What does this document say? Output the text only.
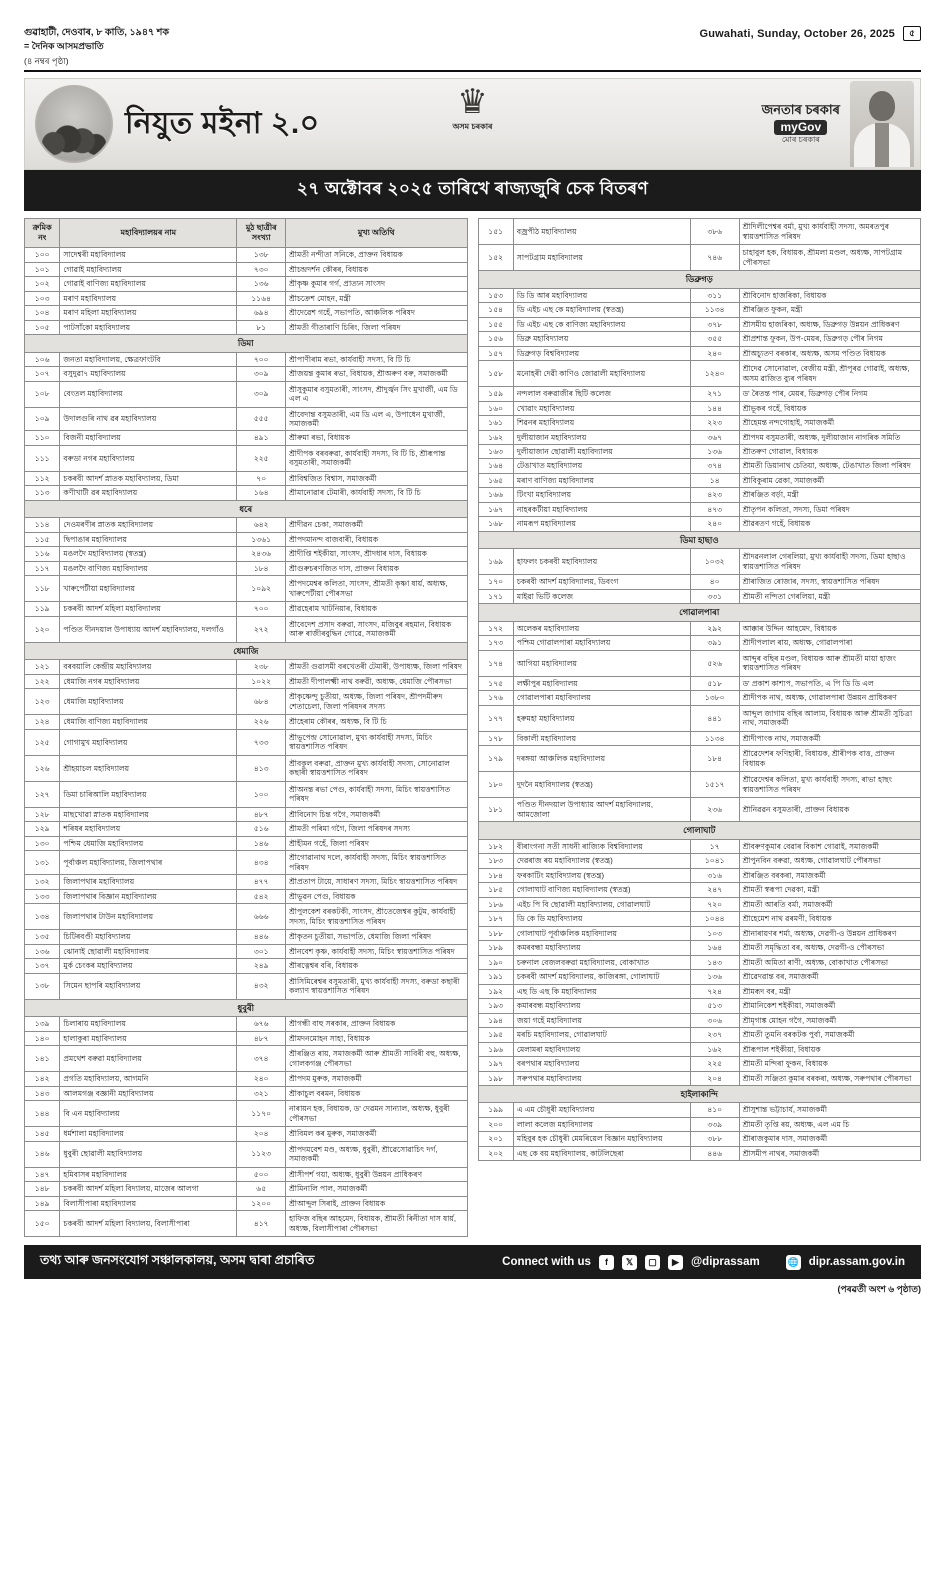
গুৱাহাটী, দেওবাৰ, ৮ কাতি, ১৯৪৭ শক
= দৈনিক আসমপ্ৰভাতি
(৪ নম্বৰ পৃষ্ঠা)
Guwahati, Sunday, October 26, 2025	৫
নিযুত মইনা ২.০
♛
অসম চৰকাৰ
জনতাৰ চৰকাৰ
myGov
মোৰ চৰকাৰ
২৭ অক্টোবৰ ২০২৫ তাৰিখে ৰাজ্যজুৰি চেক বিতৰণ
ক্ৰমিক নং	মহাবিদ্যালয়ৰ নাম	মুঠ ছাত্ৰীৰ সংখ্যা	মুখ্য অতিথি
১০০	সাদেশ্বৰী মহাবিদ্যালয়	১৩৮	শ্ৰীমতী নন্দীতা সনিকে, প্ৰাক্তন বিধায়ক
১০১	গোৱাই মহাবিদ্যালয়	৭৩০	শ্ৰীচন্দ্ৰদৰ্শন কৌৰৰ, বিধায়ক
১০২	গোৱাই বাণিজ্য মহাবিদ্যালয়	১৩৬	শ্ৰীকৃষ্ণ কুমাৰ গৰ্গ, প্ৰাত্যন সাংসদ
১০৩	মৰাণ মহাবিদ্যালয়	১১৬৪	শ্ৰীচক্ৰেশ মোহন, মন্ত্ৰী
১০৪	মৰাণ মহিলা মহাবিদ্যালয়	৬৯৪	শ্ৰীদেৱেশ গহেঁ, সভাপতি, আঞ্চলিক পৰিষদ
১০৫	পাটসাঁকো মহাবিদ্যালয়	৮১	শ্ৰীমতী গীতাৰাণি চিৰিং, জিলা পৰিষদ
ডিমা			
১০৬	জনতা মহাবিদ্যালয়, ক্ষেত্ৰফাংটবি	৭০০	শ্ৰীপাণীৰাম ৰভা, কাৰ্যবাহী সদস্য, বি টি চি
১০৭	বসুদুৱা৭ মহাবিদ্যালয়	৩০৯	শ্ৰীজয়ন্ত কুমাৰ ৰভা, বিধায়ক, শ্ৰীঅৰুণ বৰু, সমাজকৰ্মী
১০৮	বেংতল মহাবিদ্যালয়	৩০৯	শ্ৰীসুকুমাৰ বসুমতাৰী, সাংসদ, শ্ৰীদুৰ্জ্বন সিং মুখাৰ্জী, এম ডি এল এ
১০৯	উদালগুৰি নাথ ৱৰ মহাবিদ্যালয়	৫৫৫	শ্ৰীবেদান্ত বসুমতাৰী, এম ডি এল এ, উপাধেন মুখাৰ্জী, সমাজকৰ্মী
১১০	বিজনী মহাবিদ্যালয়	৪৯১	শ্ৰীৰুমা ৰভা, বিধায়ক
১১১	বৰুডা নগৰ মহাবিদ্যালয়	২২৫	শ্ৰীদীপক বৰবৰুৱা, কাৰ্যবাহী সদস্য, বি টি চি, শ্ৰীৰূপান্ত বসুমতাৰী, সমাজকৰ্মী
১১২	চকৰবী আদৰ্শ স্নাতক মহাবিদ্যালয়, ডিমা	৭০	শ্ৰীবিশ্বজিত বিশ্বাস, সমাজকৰ্মী
১১৩	কণীখাটী ৱৰ মহাবিদ্যালয়	১৬৪	শ্ৰীমানোৱাৰ টেমাৰী, কাৰ্যবাহী সদস্য, বি টি চি
ধৰে			
১১৪	দেওমৰণীৰ স্নাতক মহাবিদ্যালয়	৬৪২	শ্ৰীদীৱন চেকা, সমাজকৰ্মী
১১৫	দ্বিপাঙাৰ মহাবিদ্যালয়	১৩৬১	শ্ৰীপদমানন্দ বাজবাৰী, বিধায়ক
১১৬	মঙলদৈ মহাবিদ্যালয় (স্বতন্ত্ৰ)	২৪৩৬	শ্ৰীদীপ্তি শইকীয়া, সাংসদ, শ্ৰীদধাৰ দাস, বিধায়ক
১১৭	মঙলদৈ বাণিজ্য মহাবিদ্যালয়	১৮৪	শ্ৰীগুৰুচৰণজিত দাস, প্ৰাক্তন বিধায়ক
১১৮	খাৰুপেটীয়া মহাবিদ্যালয়	১০৯২	শ্ৰীপদমেশ্বৰ কলিতা, সাংসদ, শ্ৰীমতী কৃষ্ণা ষাৰ্য়, অধ্যক্ষ, খাৰুপেটীয়া পৌৰসভা
১১৯	চকৰবী আদৰ্শ মহিলা মহাবিদ্যালয়	৭০০	শ্ৰীৱহেৰাম খাটনিয়াৰ, বিধায়ক
১২০	পণ্ডিত দীনদয়াল উপাধ্যায় আদৰ্শ মহাবিদ্যালয়, দলগাঁও	২৭২	শ্ৰীবেদেশ প্ৰসাদ বৰুৱা, সাংসদ, মজিবুৰ ৰহমান, বিধায়ক আৰু ৰাজীৰবুদ্ধিন গোৱে, সমাজকৰ্মী
ধেমাজি			
১২১	বৰবয়ালি কেন্দ্ৰীয় মহাবিদ্যালয়	২৩৮	শ্ৰীমতী গুৱাসমী বৰখেতৰী টেমাৰী, উপাধ্যক্ষ, জিলা পৰিষদ
১২২	ধেমাজি নগৰ মহাবিদ্যালয়	১০২২	শ্ৰীমতী দীপালক্ষ্মী নাথ বৰুৱী, অধ্যক্ষ, ধেমাজি পৌৰসভা
১২৩	ধেমাজি মহাবিদ্যালয়	৬৮৪	শ্ৰীকৃষ্ণেন্দু চুতীয়া, অধ্যক্ষ, জিলা পৰিষদ, শ্ৰীপদমীৰুদ শেতাচেলা, জিলা পৰিষদৰ সদস্য
১২৪	ধেমাজি বাণিজ্য মহাবিদ্যালয়	২২৬	শ্ৰীহেৰাম কৌৰৰ, অধ্যক্ষ, বি টি চি
১২৫	গোগামুখ মহাবিদ্যালয়	৭৩৩	শ্ৰীভূপেন্দ্ৰ সোনোৱাল, মুখ্য কাৰ্যবাহী সদস্য, মিচিং স্বায়ত্তশাসিত পৰিষদ
১২৬	শ্ৰীহয়াচল মহাবিদ্যালয়	৪১৩	শ্ৰীবকুল বৰুৱা, প্ৰাক্তন মুখ্য কাৰ্যবাহী সদস্য, সোনোৱাল কছাৰী স্বায়ত্তশাসিত পৰিষদ
১২৭	ডিমা চাৰিআলি মহাবিদ্যালয়	১০০	শ্ৰীঅনন্ত ৰভা পেগু, কাৰ্যবাহী সদস্য, মিচিং স্বায়ত্তশাসিত পৰিষদ
১২৮	মাছখোৱা স্নাতক মহাবিদ্যালয়	৪৮৭	শ্ৰীবিনোদ চিন্ত গগৈ, সমাজকৰ্মী
১২৯	শৰিষৰ মহাবিদ্যালয়	৫১৬	শ্ৰীমতী পৰিমা গগৈ, জিলা পৰিষদৰ সদস্য
১৩০	পশ্চিম ধেমাজি মহাবিদ্যালয়	১৪৬	শ্ৰীহীমন গহেঁ, জিলা পৰিষদ
১৩১	পূৰ্বাঞ্চল মহাবিদ্যালয়, জিলাপথাৰ	৪৩৪	শ্ৰীগোৱানাথ দলে, কাৰ্যবাহী সদস্য, মিচিং স্বায়ত্তশাসিত পৰিষদ
১৩২	জিলাপথাৰ মহাবিদ্যালয়	৪৭৭	শ্ৰীপ্ৰতাপ টায়ে, সাধাৰণ সদস্য, মিচিং স্বায়ত্তশাসিত পৰিষদ
১৩৩	জিলাপথাৰ বিজ্ঞান মহাবিদ্যালয়	৫৪২	শ্ৰীভূৱন পেগু, বিধায়ক
১৩৪	জিলাপথাৰ টাউন মহাবিদ্যালয়	৬৬৬	শ্ৰীপুলকেশ বৰকটকী, সাংসদ, শ্ৰীতেজেশ্বৰ কুটুম, কাৰ্যবাহী সদস্য, মিচিং স্বায়ত্তশাসিত পৰিষদ
১৩৫	চিটিৰবণ্ডী মহাবিদ্যালয়	৪৪৬	শ্ৰীকৃতন চুতীয়া, সভাপতি, ধেমাজি জিলা পৰিষদ
১৩৬	ঝোনাই ছোৱালী মহাবিদ্যালয়	৩০১	শ্ৰীনবেশ কৃষ্ণ, কাৰ্যবাহী সদস্য, মিচিং স্বায়ত্তশাসিত পৰিষদ
১৩৭	মুৰ্ক চেংকৰ মহাবিদ্যালয়	২৪৯	শ্ৰীৰত্নেশ্বৰ বৰি, বিধায়ক
১৩৮	সিমেন ছাপৰি মহাবিদ্যালয়	৪৩২	শ্ৰীসিমিৰেশ্বৰ বসুমতাৰী, মুখ্য কাৰ্যবাহী সদস্য, বৰুডা কছাৰী কল্যাণ স্বায়ত্তশাসিত পৰিষদ
ধুবুৰী			
১৩৯	চিলাৰায় মহাবিদ্যালয়	৬৭৬	শ্ৰীগন্ধী বাহু সৰকাৰ, প্ৰাক্তন বিধায়ক
১৪০	হালাকুৰা মহাবিদ্যালয়	৪৮৭	শ্ৰীমদনমোহন সাহা, বিধায়ক
১৪১	প্ৰমথেশ বৰুৱা মহাবিদ্যালয়	৩৭৪	শ্ৰীৰঞ্জিত ৰায়, সমাজকৰ্মী আৰু শ্ৰীমতী সাবিৰী বহু, অধ্যক্ষ, গোলকগঞ্জ পৌৰসভা
১৪২	প্ৰগতি মহাবিদ্যালয়, আগমনি	২৪০	শ্ৰীপদম মুৰুক, সমাজকৰ্মী
১৪৩	আলমগঞ্জ বজ্ঞানী মহাবিদ্যালয়	৩২১	শ্ৰীকাচুল বৰমন, বিধায়ক
১৪৪	বি এন মহাবিদ্যালয়	১১৭০	নাৰায়ন হক, বিধায়ক, ড' দেৱমন সান্যাল, অধ্যক্ষ, ধুবুৰী পৌৰসভা
১৪৫	ধৰ্মশালা মহাবিদ্যালয়	২০৪	শ্ৰীবিমল কৰ মুৰুক, সমাজকৰ্মী
১৪৬	ধুবুৰী ছোৱালী মহাবিদ্যালয়	১১২৩	শ্ৰীপদমবেশ মণ্ড, অধ্যক্ষ, ধুবুৰী, শ্ৰীৱেসোৱাচিৎ দৰ্গ, সমাজকৰ্মী
১৪৭	হমিবাসৰ মহাবিদ্যালয়	৫০০	শ্ৰীসীপৰ্শ গয়া, অধ্যক্ষ, ধুবুৰী উন্নয়ন প্ৰাধিকৰণ
১৪৮	চকৰবী আদৰ্শ মহিলা বিদ্যালয়, মাজেৰ আলগা	৬৫	শ্ৰীমিনালি পাল, সমাজকৰ্মী
১৪৯	বিলাসীপাৰা মহাবিদ্যালয়	১২০০	শ্ৰীআব্দুল সিৰাই, প্ৰাক্তন বিধায়ক
১৫০	চকৰবী আদৰ্শ মহিলা বিদ্যালয়, বিলাসীপাৰা	৪১৭	হাফিজ বছিৰ আহমেদ, বিধায়ক, শ্ৰীমতী ৰিনীতা দাস ষাৰ্য়, অধ্যক্ষ, বিলাসীপাৰা পৌৰসভা
১৫১	বজ্ৰপীঠ মহাবিদ্যালয়	৩৮৬	শ্ৰীদিলীপেশ্বৰ বৰ্মা, মুখ্য কাৰ্যবাহী সদস্য, অমৰতপুৰ স্বায়ত্তশাসিত পৰিষদ
১৫২	সাপটগ্ৰাম মহাবিদ্যালয়	৭৪৬	চাহাবুল হক, বিধায়ক, শ্ৰীমলা মণ্ডল, অধ্যক্ষ, সাপটগ্ৰাম পৌৰসভা
ডিব্ৰুগড়			
১৫৩	ডি ডি আৰ মহাবিদ্যালয়	৩১১	শ্ৰীবিনোদ হাজৰিকা, বিধায়ক
১৫৪	ডি এইচ এছ কে মহাবিদ্যালয় (স্বতন্ত্ৰ)	১১৩৪	শ্ৰীৰঞ্জিত ফুকন, মন্ত্ৰী
১৫৫	ডি এইচ এছ কে বাণিজ্য মহাবিদ্যালয়	৩৭৮	শ্ৰীসমীয় হাজৰিকা, অধ্যক্ষ, ডিব্ৰুগড় উন্নয়ন প্ৰাধিকৰণ
১৫৬	ডিব্ৰু মহাবিদ্যালয়	৩৫৫	শ্ৰীপ্ৰশান্ত ফুকন, উপ-মেয়ৰ, ডিব্ৰুগড় পৌৰ নিগম
১৫৭	ডিব্ৰুগড় বিশ্ববিদ্যালয়	২৪০	শ্ৰীঅচ্যুতণ বৰকাৰ, অধ্যক্ষ, অসম পণ্ডিত বিধায়ক
১৫৮	মনোহৰী দেৱী কাণিও জোৱালী মহাবিদ্যালয়	১২৪০	শ্ৰীদেৱ সোনোৱাল, বেজীয় মন্ত্ৰী, শ্ৰীপূৰৱ গোৱাই, অধ্যক্ষ, অসম ৱাজিত ব্যুৰ পৰিষদ
১৫৯	নন্দলাল বৰুৱাজীৰ ছিটি কলেজ	২৭১	ড' ৰৈতন্ত পাৰ, মেয়ৰ, ডিব্ৰুগড় পৌৰ নিগম
১৬০	খোৱাং মহাবিদ্যালয়	১৪৪	শ্ৰীভূকৰ গহেঁ, বিধায়ক
১৬১	শিৱনৰ মহাবিদ্যালয়	২২৩	শ্ৰীহেমন্ত নন্দগোহাই, সমাজকৰ্মী
১৬২	দুলীয়াজান মহাবিদ্যালয়	৩৬৭	শ্ৰীপদম বসুমতাৰী, অধ্যক্ষ, দুলীয়াজান নাগৰিক সমিতি
১৬৩	দুলীয়াজান ছোৱালী মহাবিদ্যালয়	১৩৬	শ্ৰীতৰুণ গোৱাল, বিধায়ক
১৬৪	টেঙাখাত মহাবিদ্যালয়	৩৭৪	শ্ৰীমতী ডিয়ানাথ চেতিয়া, অধ্যক্ষ, টেঙাখাত জিলা পৰিষদ
১৬৫	মৰাণ বাণিজ্য মহাবিদ্যালয়	১৪	শ্ৰীবিকুৰাম ৱেকা, সমাজকৰ্মী
১৬৬	টিংখা মহাবিদ্যালয়	৪২৩	শ্ৰীৰঞ্জিত বৰ্ড়া, মন্ত্ৰী
১৬৭	নাহৰকটীয়া মহাবিদ্যালয়	৪৭৩	শ্ৰীতৃপন কলিতা, সদস্য, ডিমা পৰিষদ
১৬৮	নামৰূপ মহাবিদ্যালয়	২৪০	শ্ৰীৱৰতণ গহেঁ, বিধায়ক
ডিমা হাছাও			
১৬৯	হাফলং চকৰবী মহাবিদ্যালয়	১০৩২	শ্ৰীদৱনলাল গেৰলিয়া, মুখ্য কাৰ্যবাহী সদস্য, ডিমা হাছাও স্বায়ত্তশাসিত পৰিষদ
১৭০	চকৰবী আদৰ্শ মহাবিদ্যালয়, ডিবংগ	৪০	শ্ৰীৰাজিত ৰোজাৰ, সদস্য, স্বায়ত্তশাসিত পৰিষদ
১৭১	মাইৱা ভিটি কলেজ	৩৩১	শ্ৰীমতী নন্দিতা গেৰলিয়া, মন্ত্ৰী
গোৱালপাৰা			
১৭২	অলেকৰ মহাবিদ্যালয়	২৯২	আক্কাৰ উদ্দিন আহমেদ, বিধায়ক
১৭৩	পশ্চিম গোৱালপাৰা মহাবিদ্যালয়	৩৯১	শ্ৰীদীপলাল ৰায়, অধ্যক্ষ, গোৱালপাৰা
১৭৪	আগিয়া মহাবিদ্যালয়	৫২৬	আব্দুৰ বছিৰ মণ্ডল, বিধায়ক আৰু শ্ৰীমতী মায়া হাজং স্বায়ত্তশাসিত পৰিষদ
১৭৫	লক্ষীপুৰ মহাবিদ্যালয়	৫১৮	ড' প্ৰকাশ কাশ্যপ, সভাপতি, এ পি ডি ডি এল
১৭৬	গোৱালপাৰা মহাবিদ্যালয়	১৩৮০	শ্ৰীদীপক নাথ, অধ্যক্ষ, গোৱালপাৰা উন্নয়ন প্ৰাধিকৰণ
১৭৭	হৰুমহা মহাবিদ্যালয়	৪৪১	আব্দুল জাগাম বছিৰ আলাম, বিধায়ক আৰু শ্ৰীমতী সুচিত্ৰা নাথ, সমাজকৰ্মী
১৭৮	বিকালী মহাবিদ্যালয়	১১৩৪	শ্ৰীদীপাংক নাথ, সমাজকৰ্মী
১৭৯	দৰঙ্গয়া আঞ্চলিক মহাবিদ্যালয়	১৮৪	শ্ৰীৱেদেশৰ ফণিহাৰী, বিধায়ক, শ্ৰীৰীপক বাত্ত, প্ৰাক্তন বিধায়ক
১৮০	দুদনৈ মহাবিদ্যালয় (স্বতন্ত্ৰ)	১৫১৭	শ্ৰীৱেদেশ্বৰ কলিতা, মুখ্য কাৰ্যবাহী সদস্য, ৰাভা হাছং স্বায়ত্তশাসিত পৰিষদ
১৮১	পণ্ডিত দীনদয়াল উপাধ্যায় আদৰ্শ মহাবিদ্যালয়, আমজোলা	২৩৬	শ্ৰীনিৱৱন বসুমতাৰী, প্ৰাক্তন বিধায়ক
গোলাঘাট			
১৮২	বীৰাংগনা সতী সাধনী ৰাজ্যিক বিশ্ববিদ্যালয়	১৭	শ্ৰীবৰুণকুমাৰ বেৱাৰ বিকাশ গোৱাই, সমাজকৰ্মী
১৮৩	দেৱৰাজ ৰয় মহাবিদ্যালয় (স্বতন্ত্ৰ)	১০৪১	শ্ৰীপুনবিন বৰুৱা, অধ্যক্ষ, গোৱালঘাট পৌৰসভা
১৮৪	ফৰকাটিং মহাবিদ্যালয় (স্বতন্ত্ৰ)	৩১৬	শ্ৰীৰঞ্জিত বৰকৰা, সমাজকৰ্মী
১৮৫	গোলাঘাট বাণিজ্য মহাবিদ্যালয় (স্বতন্ত্ৰ)	২৪৭	শ্ৰীমতী স্বৰূপা দেৱকা, মন্ত্ৰী
১৮৬	এইচ পি বি ছোৱালী মহাবিদ্যালয়, গোৱালঘাট	৭২০	শ্ৰীমতী আৰতি বৰ্মা, সমাজকৰ্মী
১৮৭	ডি কে ডি মহাবিদ্যালয়	১০৪৪	শ্ৰীহেমেশ নাথ ৱৰমণী, বিধায়ক
১৮৮	গোলাঘাট পূৰ্বাঞ্চলিক মহাবিদ্যালয়	১০৩	শ্ৰীনাৰায়ণৰ শৰ্মা, অধ্যক্ষ, দেৱগী-ও উন্নয়ন প্ৰাধিকৰণ
১৮৯	কমৰবন্ধা মহাবিদ্যালয়	১৬৪	শ্ৰীমতী সমৃদ্ধিতা বৰ, অধ্যক্ষ, দেৱগী-ও পৌৰসভা
১৯০	চৰুনাল বেজলবৰুৱা মহাবিদ্যালয়, বোকাখাত	১৪৩	শ্ৰীমতী অমিতা ৰাণী, অধ্যক্ষ, বোকাখাত পৌৰসভা
১৯১	চকৰবী আদৰ্শ মহাবিদ্যালয়, কাজিৰঙ্গা, গোলাঘাট	১৩৬	শ্ৰীৱেদৱান্ত বৰ, সমাজকৰ্মী
১৯২	এছ ডি এছ কি মহাবিদ্যালয়	৭২৪	শ্ৰীমৰূদ বৰ, মন্ত্ৰী
১৯৩	কমাৰবন্ধ মহাবিদ্যালয়	৫১৩	শ্ৰীমানিকেশ শইকীয়া, সমাজকৰ্মী
১৯৪	জয়া গহেঁ মহাবিদ্যালয়	৩০৬	শ্ৰীমৃগাঙ্ক মোহন গগৈ, সমাজকৰ্মী
১৯৫	মৰচি মহাবিদ্যালয়, গোৱালঘাট	২৩৭	শ্ৰীমতী তুমনি বৰকটক পুৰ্বা, সমাজকৰ্মী
১৯৬	মেলামৰা মহাবিদ্যালয়	১৬২	শ্ৰীৰূপাল শইকীয়া, বিধায়ক
১৯৭	বৰপথাৰ মহাবিদ্যালয়	২২৫	শ্ৰীমতী মন্দিৰা ফুকন, বিধায়ক
১৯৮	সৰুপথাৰ মহাবিদ্যালয়	২০৪	শ্ৰীমতী সঞ্জিতা কুমাৰ বৰকৰা, অধ্যক্ষ, সৰুপথাৰ পৌৰসভা
হাইলাকান্দি			
১৯৯	এ এম চৌধুৰী মহাবিদ্যালয়	৪১০	শ্ৰীসুশান্ত ভট্টাচাৰ্য, সমাজকৰ্মী
২০০	লালা কলেজ মহাবিদ্যালয়	৩৩৯	শ্ৰীমতী তৃপ্তি ৰয়, অধ্যক্ষ, এল এম চি
২০১	মহিবুৰ হক চৌধুৰী মেমৰিয়েল বিজ্ঞান মহাবিদ্যালয়	৩৮৮	শ্ৰীৰাজকুমাৰ দাস, সমাজকৰ্মী
২০২	এছ কে বয় মহাবিদ্যালয়, কাটলিছেৰা	৪৪৬	শ্ৰীসমীপ নাথৰ, সমাজকৰ্মী
তথ্য আৰু জনসংযোগ সঞ্চালকালয়, অসম দ্বাৰা প্ৰচাৰিত	Connect with us	f	𝕏	▢	▶	@diprassam	🌐 dipr.assam.gov.in
(পৰৱৰ্তী অংশ ৬ পৃষ্ঠাত)
